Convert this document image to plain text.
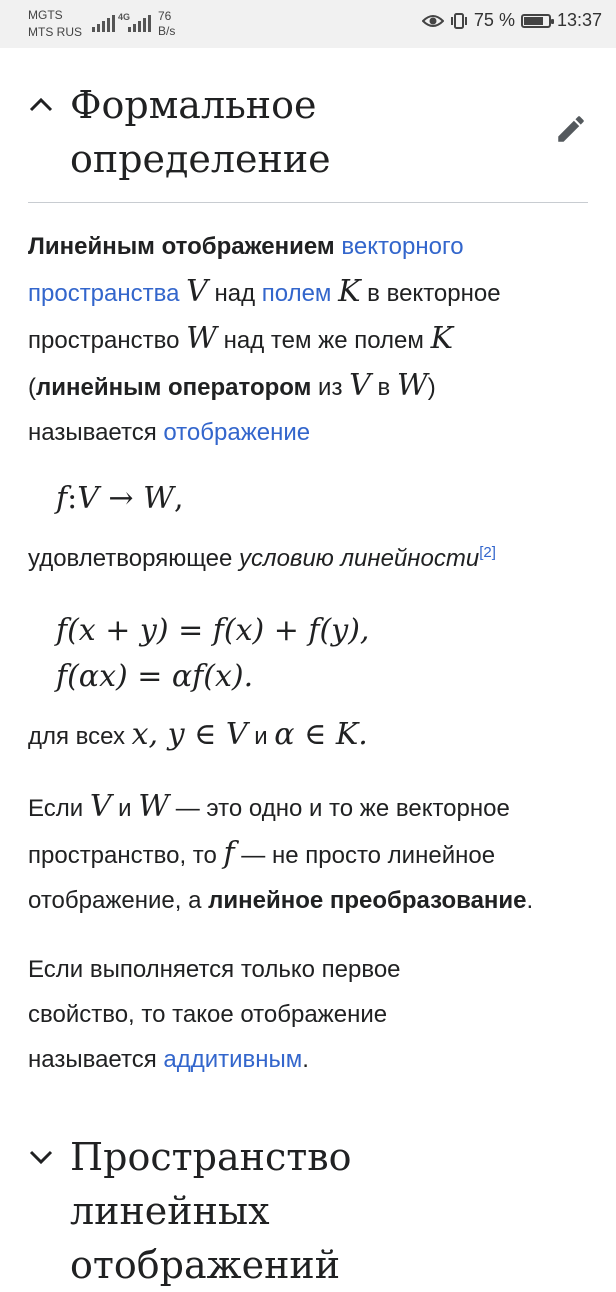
MGTS
MTS RUS
4G 76
B/s
75 % 13:37
Формальное
определение
Линейным отображением векторного
пространства V над полем K в векторное
пространство W над тем же полем K
(линейным оператором из V в W)
называется отображение
f:V → W,
удовлетворяющее условию линейности[2]
f(x + y) = f(x) + f(y),
f(αx) = αf(x).
для всех x, y ∈ V и α ∈ K.
Если V и W — это одно и то же векторное
пространство, то f — не просто линейное
отображение, а линейное преобразование.
Если выполняется только первое
свойство, то такое отображение
называется аддитивным.
Пространство
линейных
отображений
